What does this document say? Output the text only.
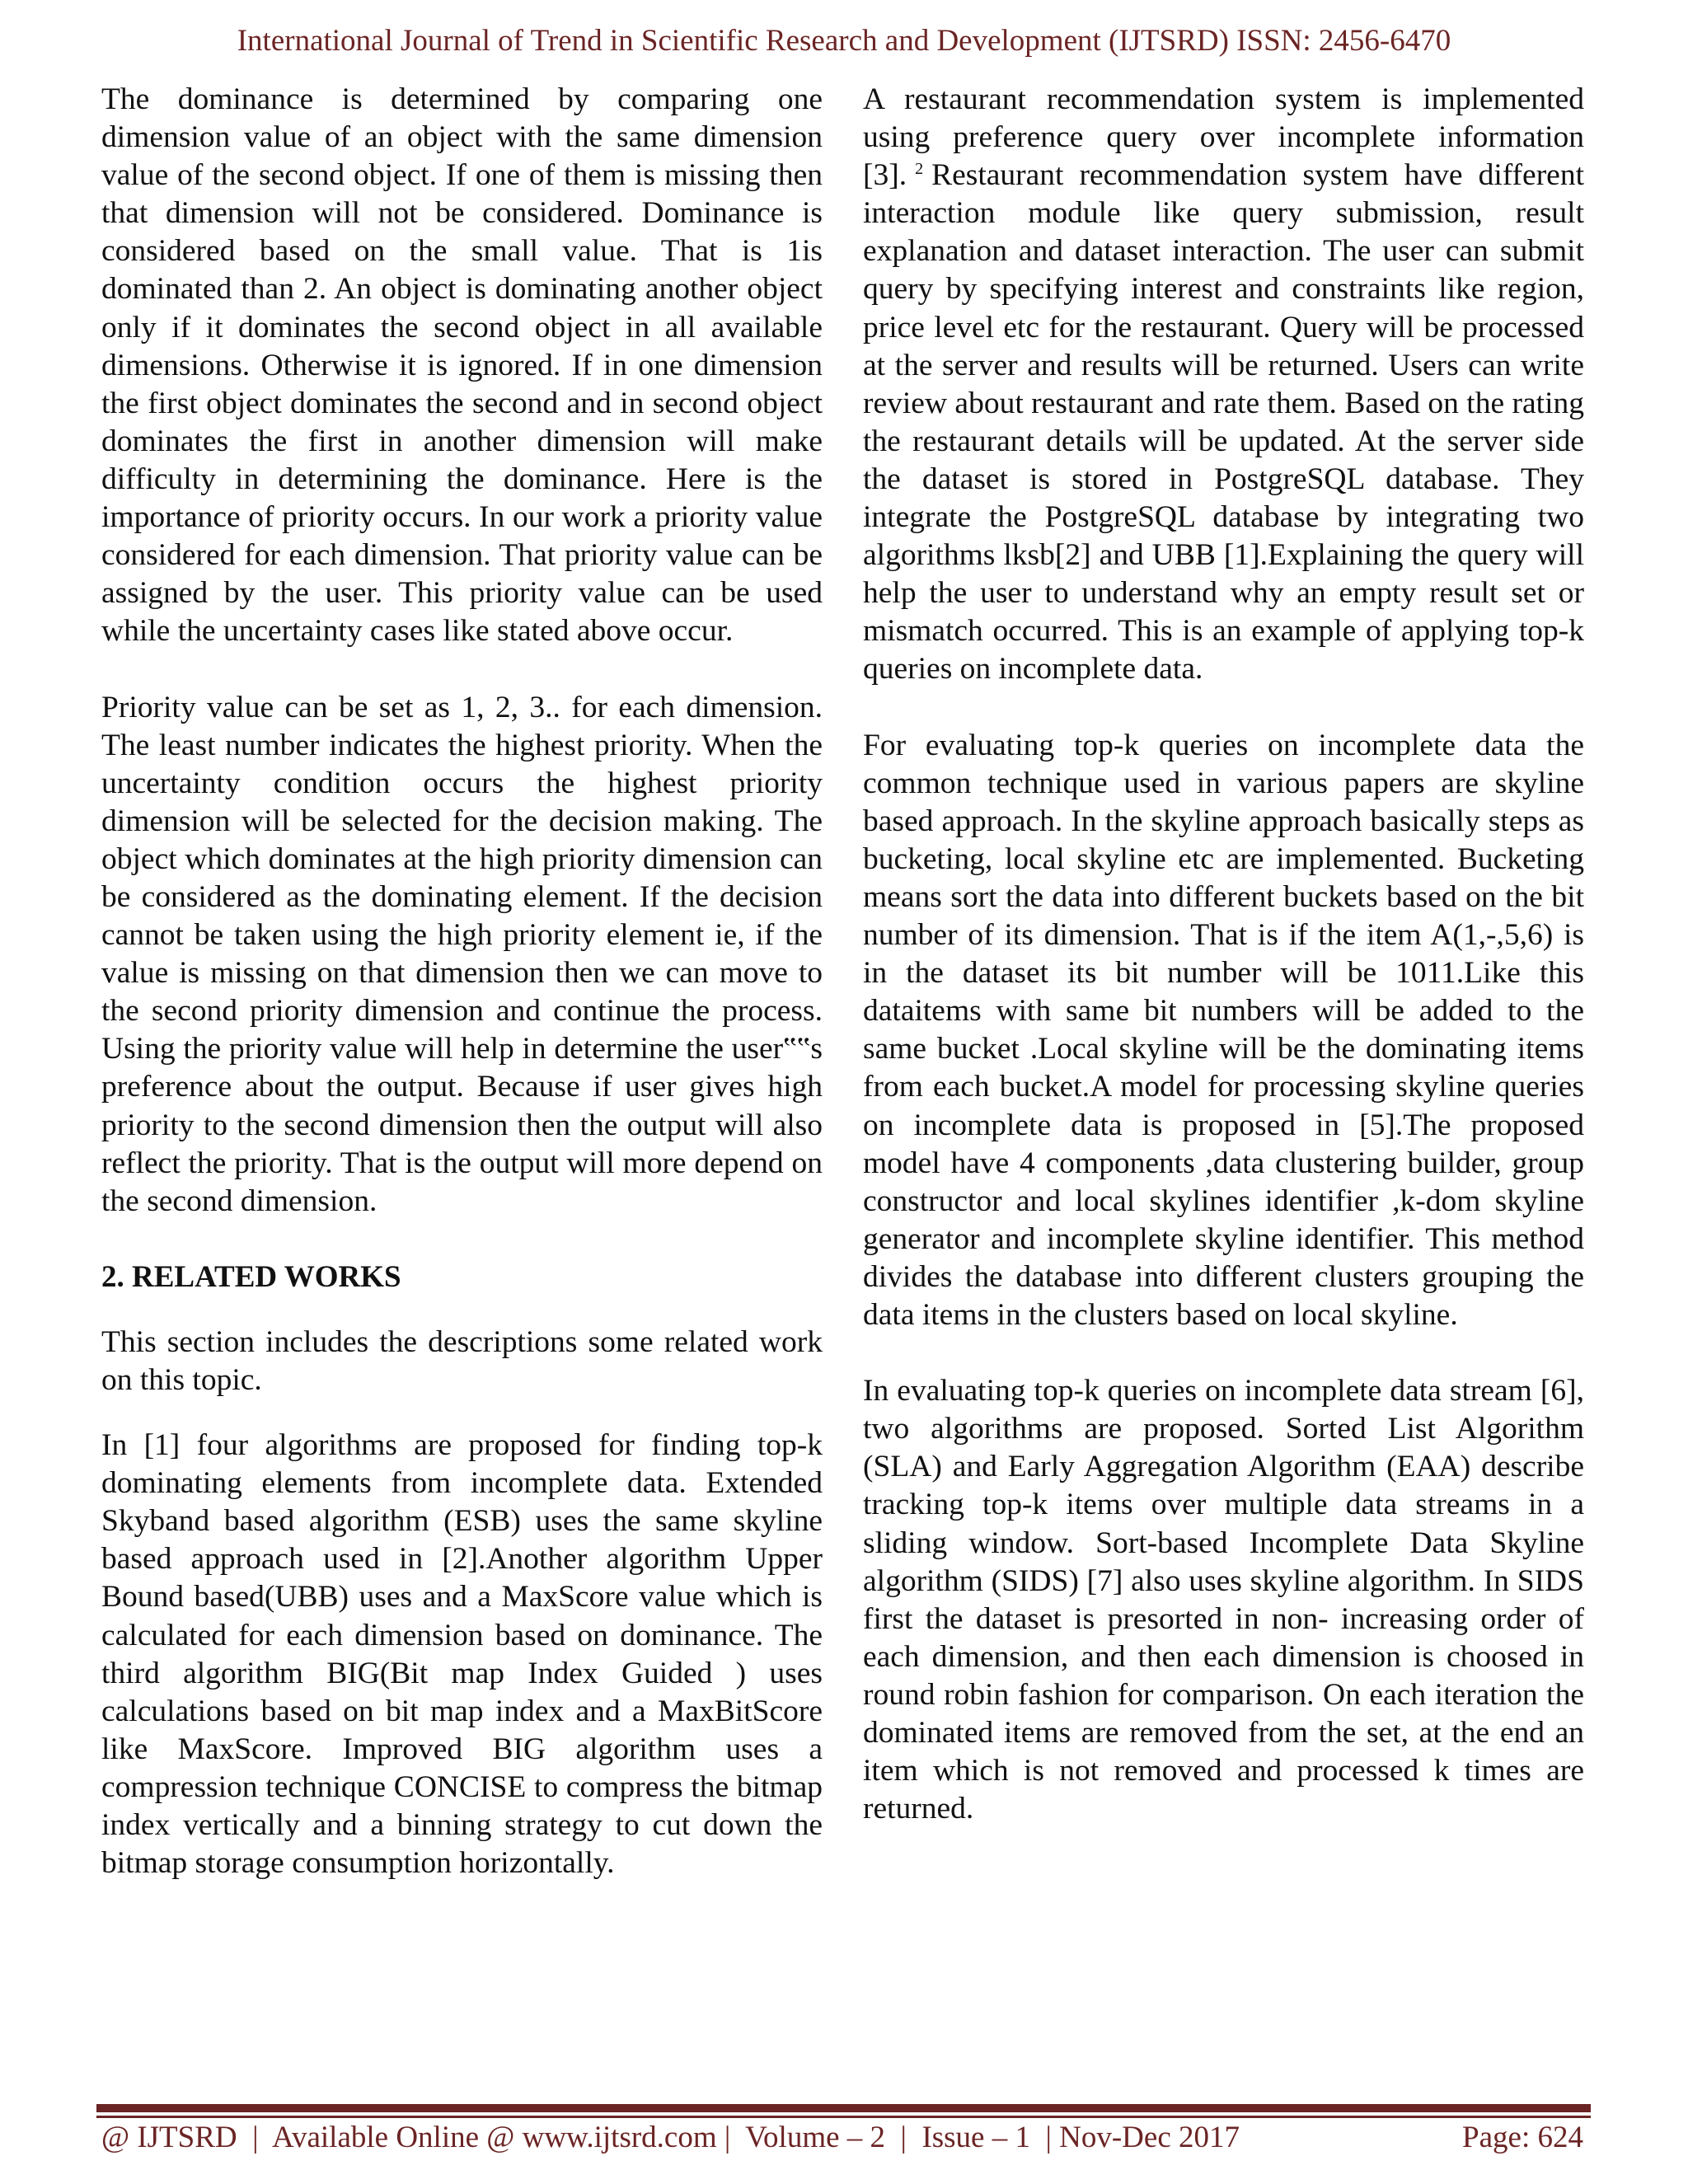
International Journal of Trend in Scientific Research and Development (IJTSRD) ISSN: 2456-6470

The dominance is determined by comparing one dimension value of an object with the same dimension value of the second object. If one of them is missing then that dimension will not be considered. Dominance is considered based on the small value. That is 1is dominated than 2. An object is dominating another object only if it dominates the second object in all available dimensions. Otherwise it is ignored. If in one dimension the first object dominates the second and in second object dominates the first in another dimension will make difficulty in determining the dominance. Here is the importance of priority occurs. In our work a priority value considered for each dimension. That priority value can be assigned by the user. This priority value can be used while the uncertainty cases like stated above occur.

Priority value can be set as 1, 2, 3.. for each dimension. The least number indicates the highest priority. When the uncertainty condition occurs the highest priority dimension will be selected for the decision making. The object which dominates at the high priority dimension can be considered as the dominating element. If the decision cannot be taken using the high priority element ie, if the value is missing on that dimension then we can move to the second priority dimension and continue the process. Using the priority value will help in determine the user‟‟s preference about the output. Because if user gives high priority to the second dimension then the output will also reflect the priority. That is the output will more depend on the second dimension.

2. RELATED WORKS

This section includes the descriptions some related work on this topic.

In [1] four algorithms are proposed for finding top-k dominating elements from incomplete data. Extended Skyband based algorithm (ESB) uses the same skyline based approach used in [2].Another algorithm Upper Bound based(UBB) uses and a MaxScore value which is calculated for each dimension based on dominance. The third algorithm BIG(Bit map Index Guided ) uses calculations based on bit map index and a MaxBitScore like MaxScore. Improved BIG algorithm uses a compression technique CONCISE to compress the bitmap index vertically and a binning strategy to cut down the bitmap storage consumption horizontally.

A restaurant recommendation system is implemented using preference query over incomplete information [3]. $^2$ Restaurant recommendation system have different interaction module like query submission, result explanation and dataset interaction. The user can submit query by specifying interest and constraints like region, price level etc for the restaurant. Query will be processed at the server and results will be returned. Users can write review about restaurant and rate them. Based on the rating the restaurant details will be updated. At the server side the dataset is stored in PostgreSQL database. They integrate the PostgreSQL database by integrating two algorithms lksb[2] and UBB [1].Explaining the query will help the user to understand why an empty result set or mismatch occurred. This is an example of applying top-k queries on incomplete data.

For evaluating top-k queries on incomplete data the common technique used in various papers are skyline based approach. In the skyline approach basically steps as bucketing, local skyline etc are implemented. Bucketing means sort the data into different buckets based on the bit number of its dimension. That is if the item A(1,-,5,6) is in the dataset its bit number will be 1011.Like this dataitems with same bit numbers will be added to the same bucket .Local skyline will be the dominating items from each bucket.A model for processing skyline queries on incomplete data is proposed in [5].The proposed model have 4 components ,data clustering builder, group constructor and local skylines identifier ,k-dom skyline generator and incomplete skyline identifier. This method divides the database into different clusters grouping the data items in the clusters based on local skyline.

In evaluating top-k queries on incomplete data stream [6], two algorithms are proposed. Sorted List Algorithm (SLA) and Early Aggregation Algorithm (EAA) describe tracking top-k items over multiple data streams in a sliding window. Sort-based Incomplete Data Skyline algorithm (SIDS) [7] also uses skyline algorithm. In SIDS first the dataset is presorted in non- increasing order of each dimension, and then each dimension is choosed in round robin fashion for comparison. On each iteration the dominated items are removed from the set, at the end an item which is not removed and processed k times are returned.

@ IJTSRD  |  Available Online @ www.ijtsrd.com |  Volume – 2  |  Issue – 1  | Nov-Dec 2017	Page: 624
